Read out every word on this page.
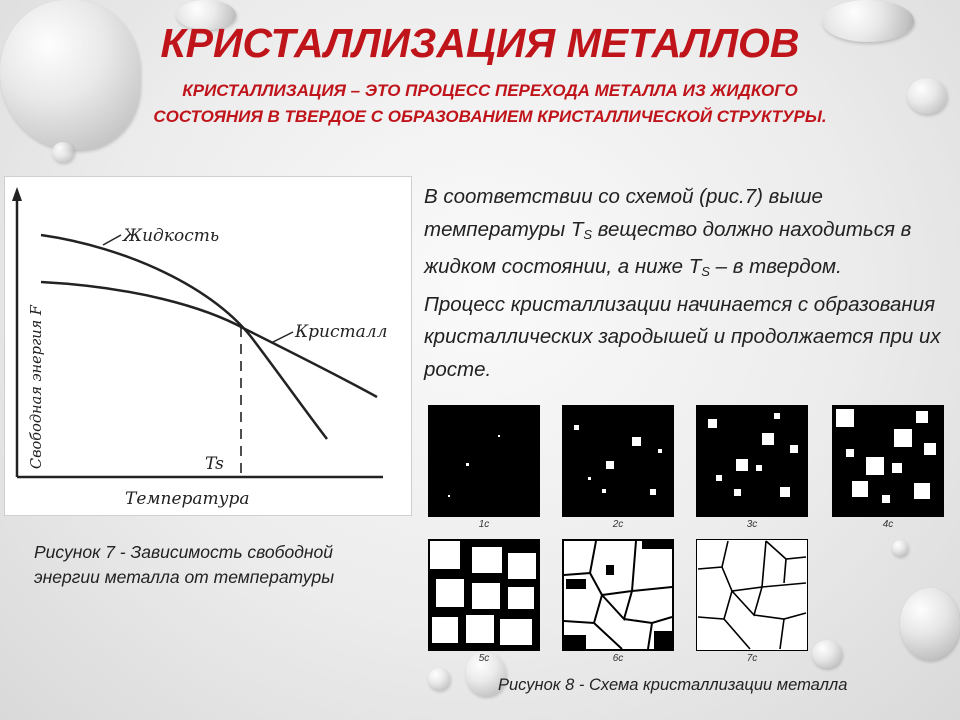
КРИСТАЛЛИЗАЦИЯ МЕТАЛЛОВ
КРИСТАЛЛИЗАЦИЯ – ЭТО ПРОЦЕСС ПЕРЕХОДА МЕТАЛЛА ИЗ ЖИДКОГО
СОСТОЯНИЯ В ТВЕРДОЕ С ОБРАЗОВАНИЕМ КРИСТАЛЛИЧЕСКОЙ СТРУКТУРЫ.
Свободная энергия F
Жидкость
Кристалл
Ts
Температура
Рисунок 7 - Зависимость свободной энергии металла от температуры

В соответствии со схемой (рис.7) выше температуры $T_S$ вещество должно находиться в жидком состоянии, а ниже $T_S$ – в твердом.

Процесс кристаллизации начинается с образования кристаллических зародышей и продолжается при их росте.

1c	2c	3c	4c
5c	6c	7c
Рисунок 8 - Схема кристаллизации металла
